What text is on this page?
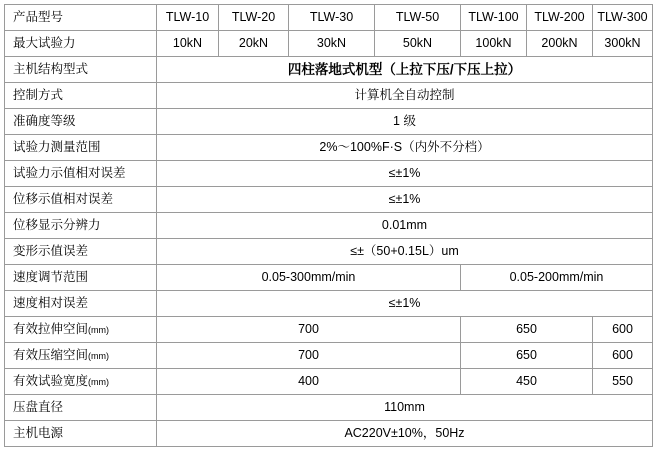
产品型号	TLW-10	TLW-20	TLW-30	TLW-50	TLW-100	TLW-200	TLW-300
最大试验力	10kN	20kN	30kN	50kN	100kN	200kN	300kN
主机结构型式	四柱落地式机型（上拉下压/下压上拉）						
控制方式	计算机全自动控制						
准确度等级	1 级						
试验力测量范围	2%～100%F·S（内外不分档）						
试验力示值相对误差	≤±1%						
位移示值相对误差	≤±1%						
位移显示分辨力	0.01mm						
变形示值误差	≤±（50+0.15L）um						
速度调节范围	0.05-300mm/min				0.05-200mm/min		
速度相对误差	≤±1%						
有效拉伸空间(mm)	700				650		600
有效压缩空间(mm)	700				650		600
有效试验宽度(mm)	400				450		550
压盘直径	110mm						
主机电源	AC220V±10%，50Hz						
